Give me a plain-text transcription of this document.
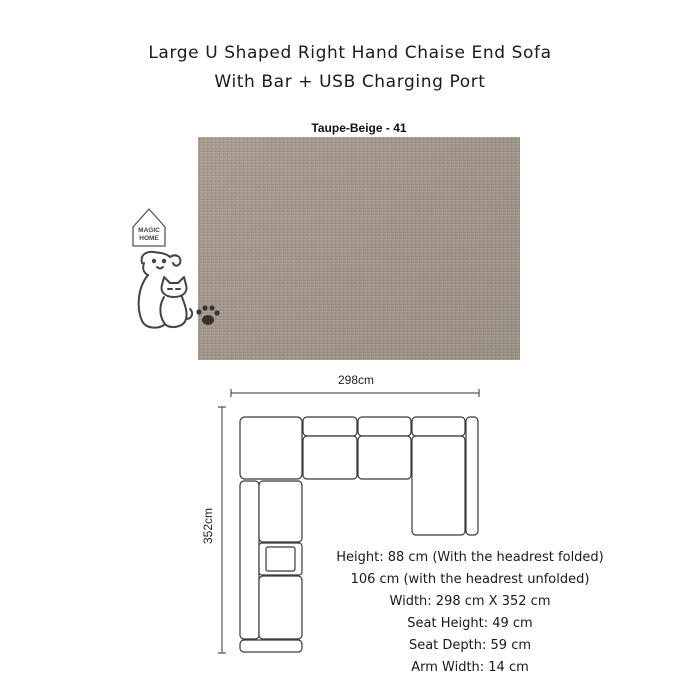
Large U Shaped Right Hand Chaise End Sofa
With Bar + USB Charging Port
Taupe-Beige - 41
MAGIC
HOME
298cm
352cm
Height: 88 cm (With the headrest folded)
106 cm (with the headrest unfolded)
Width: 298 cm X 352 cm
Seat Height: 49 cm
Seat Depth: 59 cm
Arm Width: 14 cm
